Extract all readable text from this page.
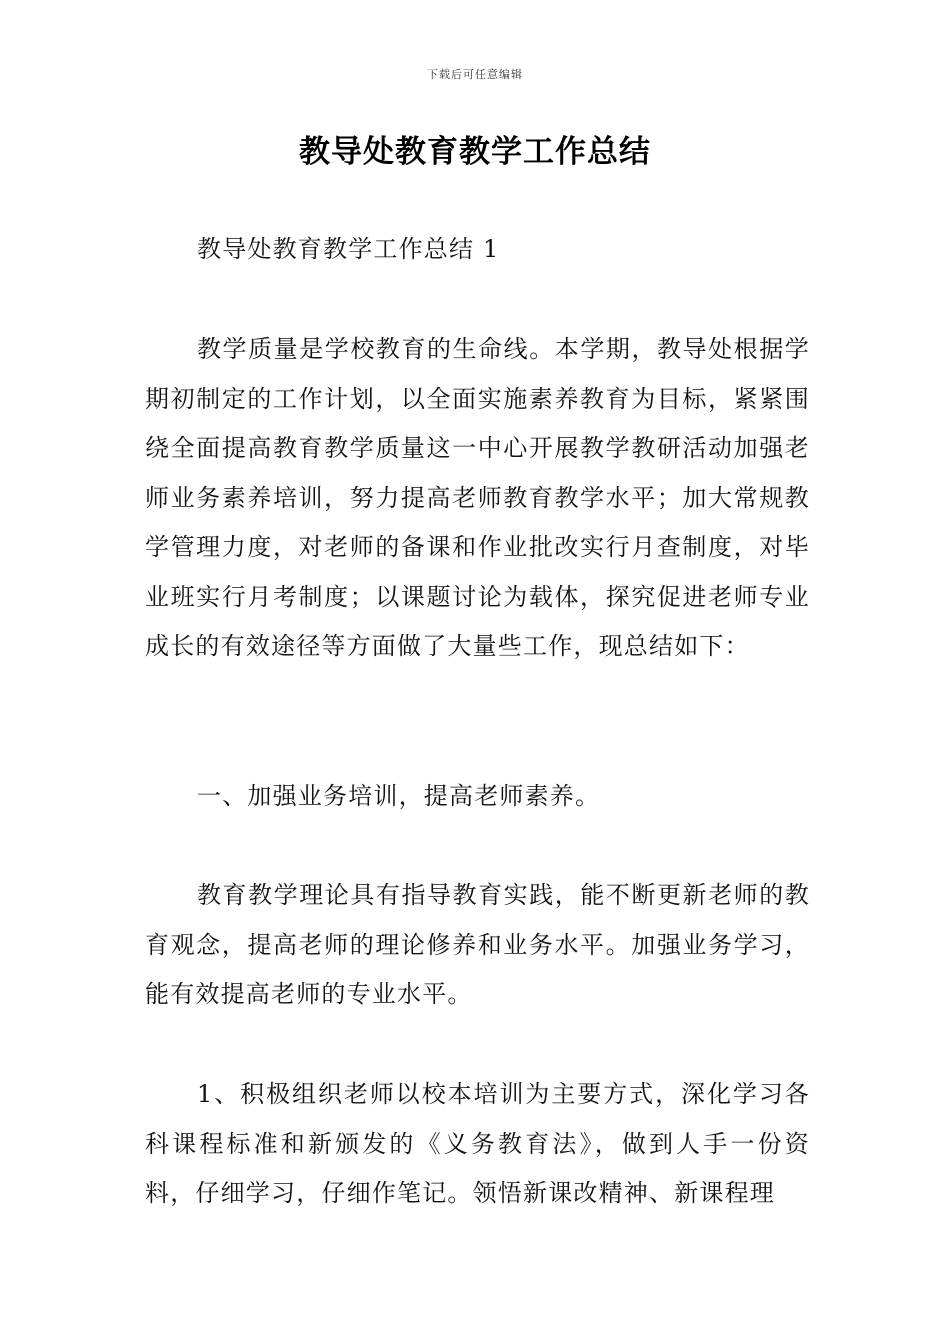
下载后可任意编辑
教导处教育教学工作总结

教导处教育教学工作总结 1

教学质量是学校教育的生命线。本学期，教导处根据学期初制定的工作计划，以全面实施素养教育为目标，紧紧围绕全面提高教育教学质量这一中心开展教学教研活动加强老师业务素养培训，努力提高老师教育教学水平；加大常规教学管理力度，对老师的备课和作业批改实行月查制度，对毕业班实行月考制度；以课题讨论为载体，探究促进老师专业成长的有效途径等方面做了大量些工作，现总结如下：

一、加强业务培训，提高老师素养。

教育教学理论具有指导教育实践，能不断更新老师的教育观念，提高老师的理论修养和业务水平。加强业务学习，能有效提高老师的专业水平。

1、积极组织老师以校本培训为主要方式，深化学习各科课程标准和新颁发的《义务教育法》，做到人手一份资料，仔细学习，仔细作笔记。领悟新课改精神、新课程理
